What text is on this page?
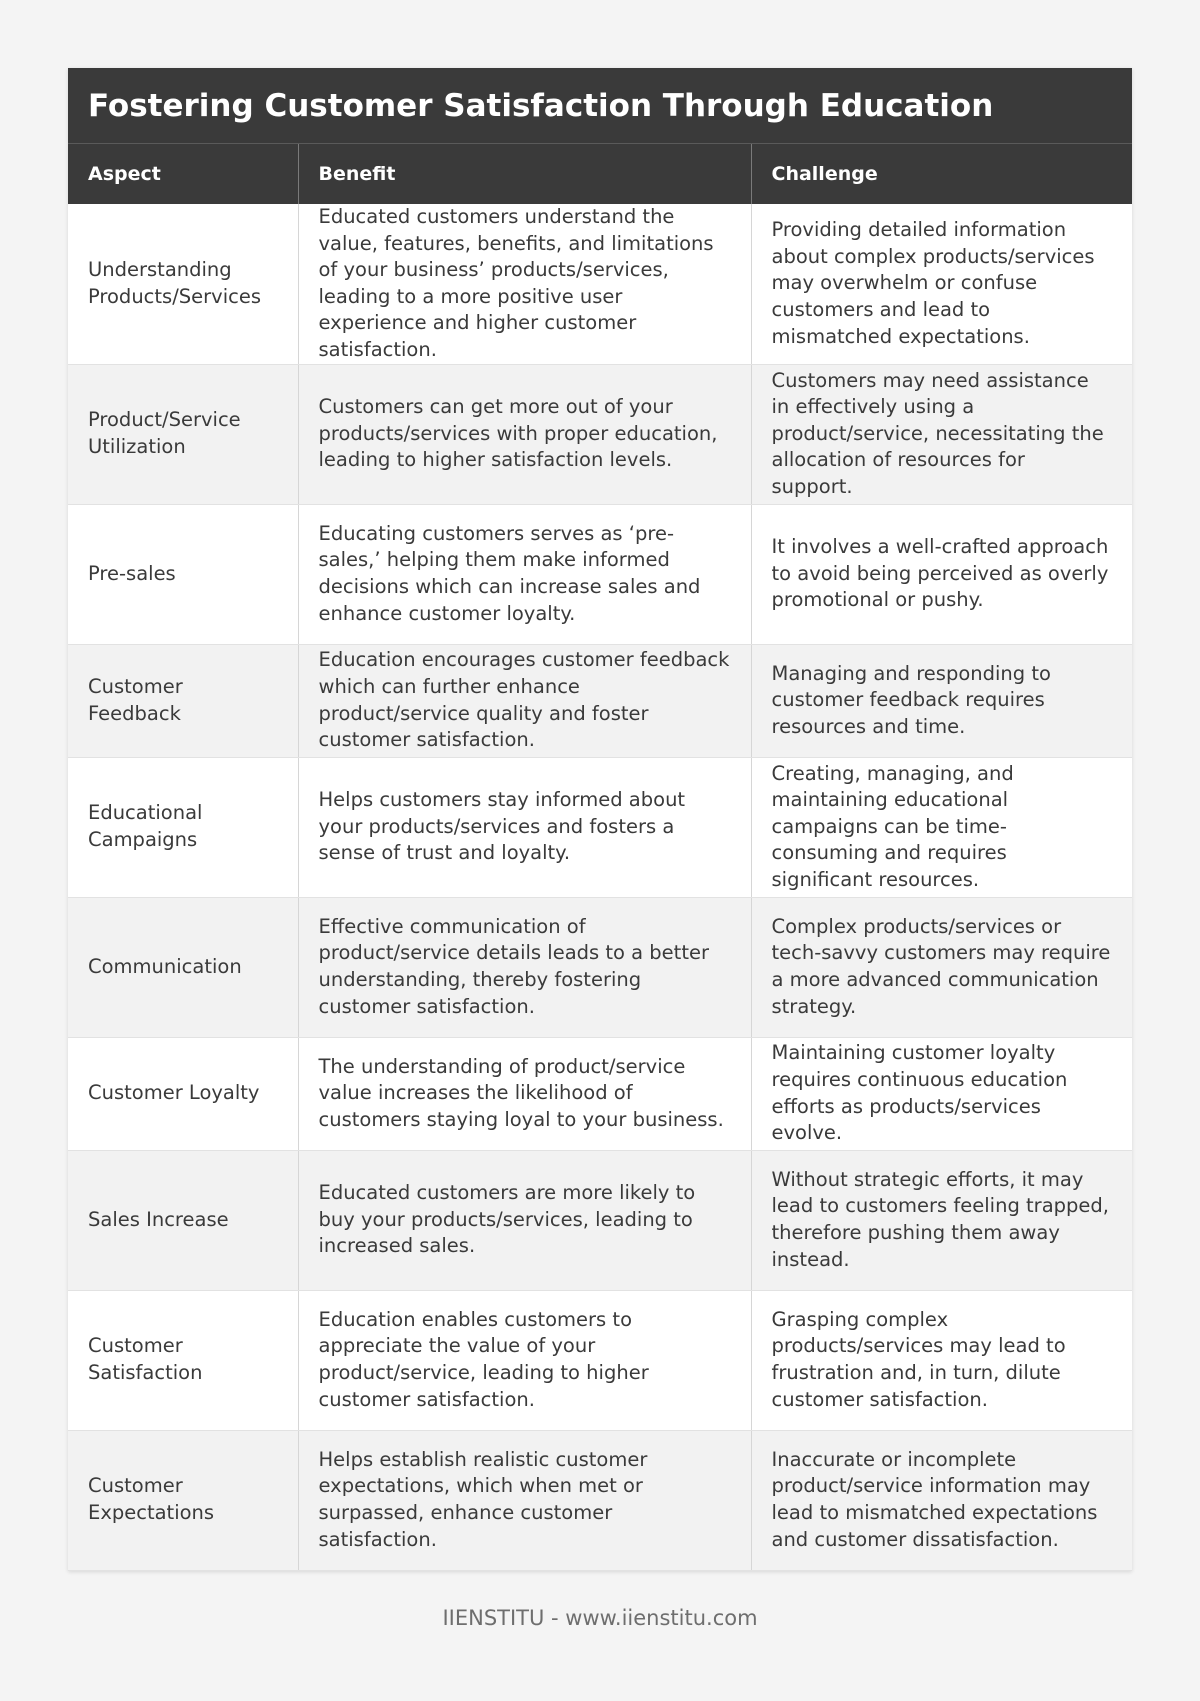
Fostering Customer Satisfaction Through Education
Aspect	Benefit	Challenge
Understanding Products/Services	Educated customers understand the value, features, benefits, and limitations of your business’ products/services, leading to a more positive user experience and higher customer satisfaction.	Providing detailed information about complex products/services may overwhelm or confuse customers and lead to mismatched expectations.
Product/Service Utilization	Customers can get more out of your products/services with proper education, leading to higher satisfaction levels.	Customers may need assistance in effectively using a product/service, necessitating the allocation of resources for support.
Pre-sales	Educating customers serves as ‘pre-sales,’ helping them make informed decisions which can increase sales and enhance customer loyalty.	It involves a well-crafted approach to avoid being perceived as overly promotional or pushy.
Customer Feedback	Education encourages customer feedback which can further enhance product/service quality and foster customer satisfaction.	Managing and responding to customer feedback requires resources and time.
Educational Campaigns	Helps customers stay informed about your products/services and fosters a sense of trust and loyalty.	Creating, managing, and maintaining educational campaigns can be time-consuming and requires significant resources.
Communication	Effective communication of product/service details leads to a better understanding, thereby fostering customer satisfaction.	Complex products/services or tech-savvy customers may require a more advanced communication strategy.
Customer Loyalty	The understanding of product/service value increases the likelihood of customers staying loyal to your business.	Maintaining customer loyalty requires continuous education efforts as products/services evolve.
Sales Increase	Educated customers are more likely to buy your products/services, leading to increased sales.	Without strategic efforts, it may lead to customers feeling trapped, therefore pushing them away instead.
Customer Satisfaction	Education enables customers to appreciate the value of your product/service, leading to higher customer satisfaction.	Grasping complex products/services may lead to frustration and, in turn, dilute customer satisfaction.
Customer Expectations	Helps establish realistic customer expectations, which when met or surpassed, enhance customer satisfaction.	Inaccurate or incomplete product/service information may lead to mismatched expectations and customer dissatisfaction.
IIENSTITU - www.iienstitu.com
